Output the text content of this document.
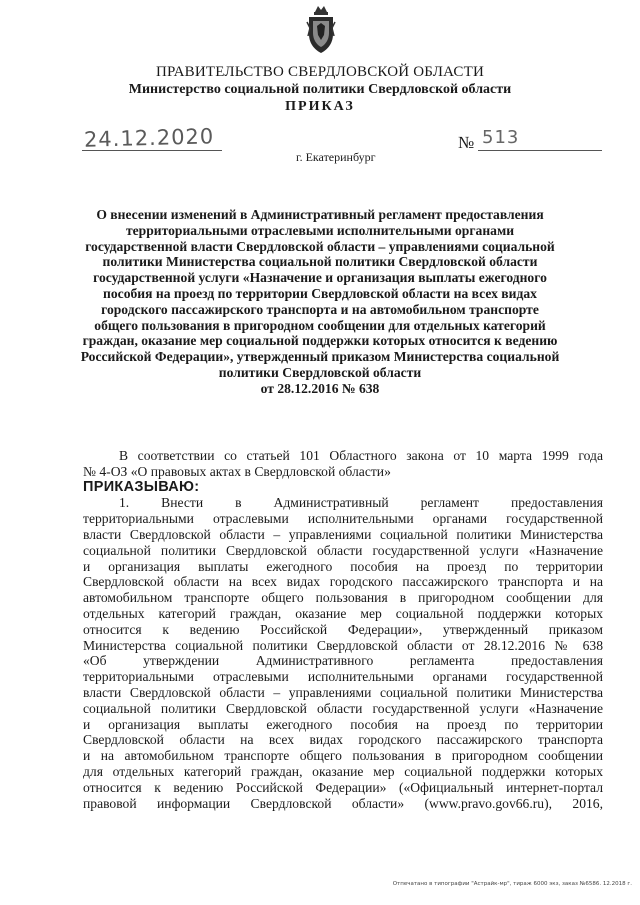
ПРАВИТЕЛЬСТВО СВЕРДЛОВСКОЙ ОБЛАСТИ
Министерство социальной политики Свердловской области
ПРИКАЗ
24.12.2020	№ 513
г. Екатеринбург
О внесении изменений в Административный регламент предоставления
территориальными отраслевыми исполнительными органами
государственной власти Свердловской области – управлениями социальной
политики Министерства социальной политики Свердловской области
государственной услуги «Назначение и организация выплаты ежегодного
пособия на проезд по территории Свердловской области на всех видах
городского пассажирского транспорта и на автомобильном транспорте
общего пользования в пригородном сообщении для отдельных категорий
граждан, оказание мер социальной поддержки которых относится к ведению
Российской Федерации», утвержденный приказом Министерства социальной
политики Свердловской области
от 28.12.2016 № 638
В соответствии со статьей 101 Областного закона от 10 марта 1999 года
№ 4-ОЗ «О правовых актах в Свердловской области»
ПРИКАЗЫВАЮ:
1. Внести в Административный регламент предоставления
территориальными отраслевыми исполнительными органами государственной
власти Свердловской области – управлениями социальной политики Министерства
социальной политики Свердловской области государственной услуги «Назначение
и организация выплаты ежегодного пособия на проезд по территории
Свердловской области на всех видах городского пассажирского транспорта и на
автомобильном транспорте общего пользования в пригородном сообщении для
отдельных категорий граждан, оказание мер социальной поддержки которых
относится к ведению Российской Федерации», утвержденный приказом
Министерства социальной политики Свердловской области от 28.12.2016 № 638
«Об утверждении Административного регламента предоставления
территориальными отраслевыми исполнительными органами государственной
власти Свердловской области – управлениями социальной политики Министерства
социальной политики Свердловской области государственной услуги «Назначение
и организация выплаты ежегодного пособия на проезд по территории
Свердловской области на всех видах городского пассажирского транспорта
и на автомобильном транспорте общего пользования в пригородном сообщении
для отдельных категорий граждан, оказание мер социальной поддержки которых
относится к ведению Российской Федерации» («Официальный интернет-портал
правовой информации Свердловской области» (www.pravo.gov66.ru), 2016,
Отпечатано в типографии "Астрайк-мр", тираж 6000 экз, заказ №6586. 12.2018 г.
